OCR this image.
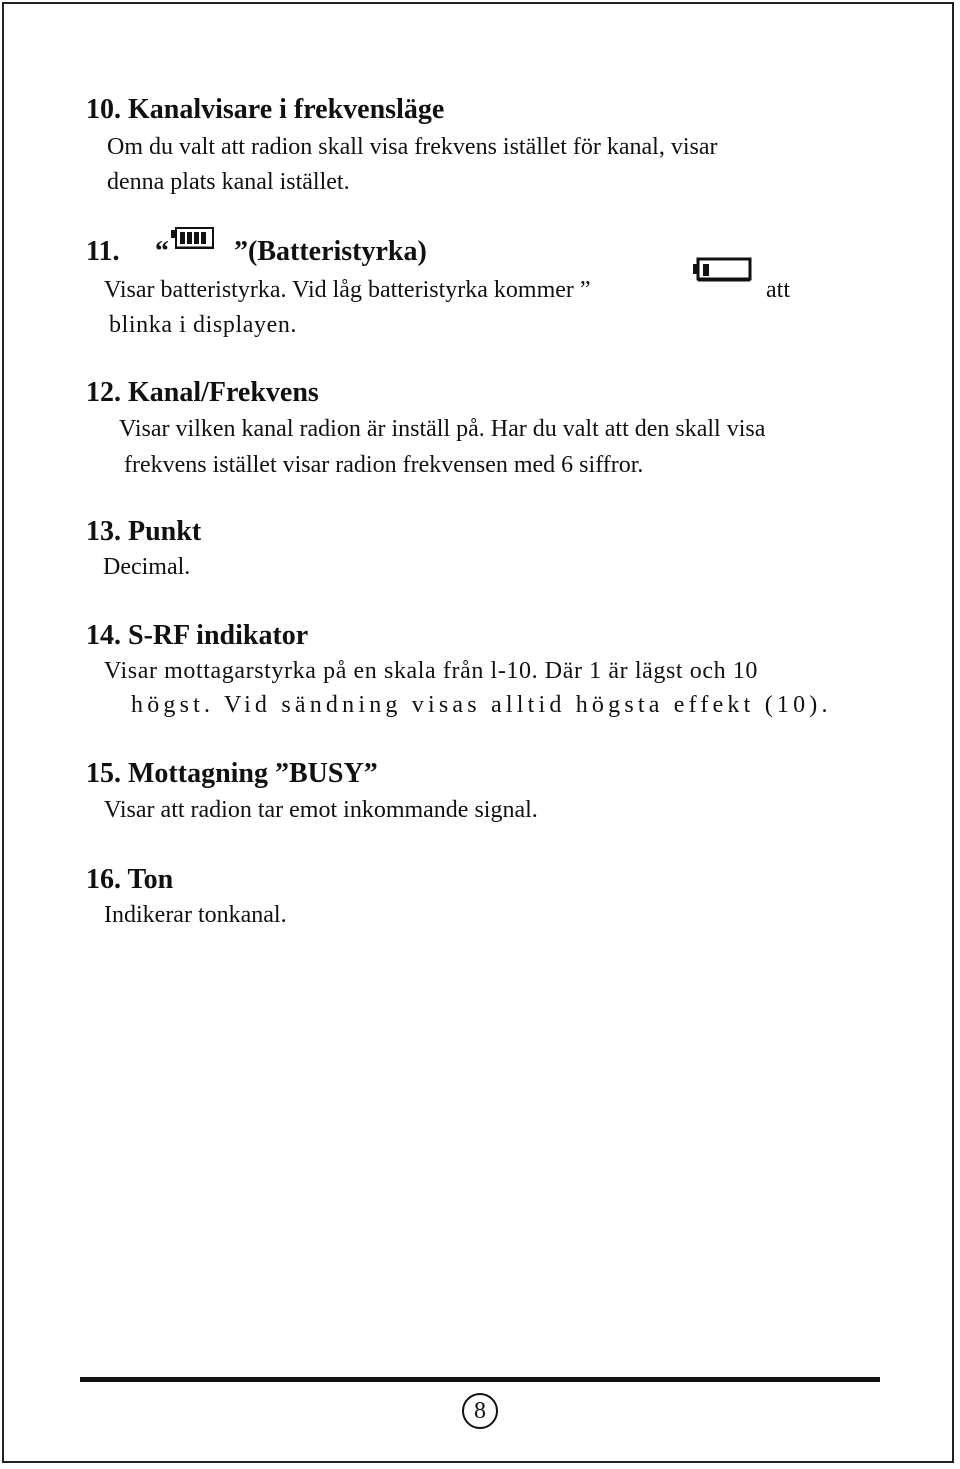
10. Kanalvisare i frekvensläge
Om du valt att radion skall visa frekvens istället för kanal, visar
denna plats kanal istället.
11. “ ”(Batteristyrka)
Visar batteristyrka. Vid låg batteristyrka kommer ”	att
blinka i displayen.
12. Kanal/Frekvens
Visar vilken kanal radion är inställ på. Har du valt att den skall visa
frekvens istället visar radion frekvensen med 6 siffror.
13. Punkt
Decimal.
14. S-RF indikator
Visar mottagarstyrka på en skala från l-10. Där 1 är lägst och 10
högst. Vid sändning visas alltid högsta effekt (10).
15. Mottagning ”BUSY”
Visar att radion tar emot inkommande signal.
16. Ton
Indikerar tonkanal.
8
